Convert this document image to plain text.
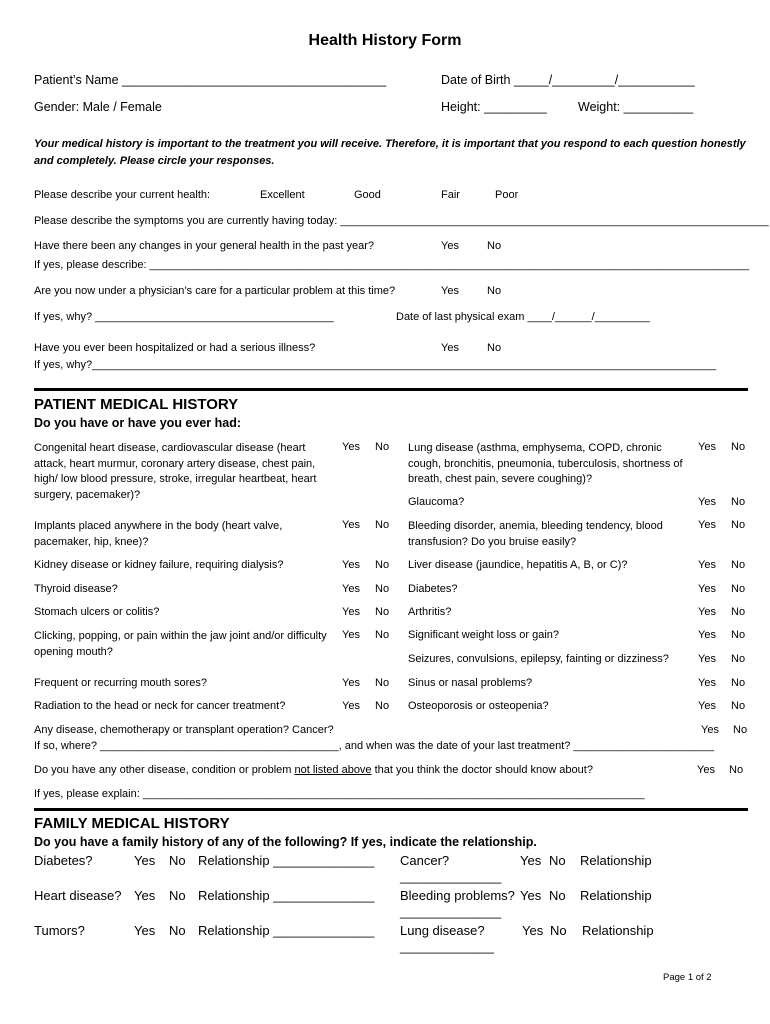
Health History Form
Patient’s Name ______________________________________	Date of Birth _____/_________/___________
Gender: Male / Female	Height: _________	Weight: __________
Your medical history is important to the treatment you will receive. Therefore, it is important that you respond to each question honestly and completely. Please circle your responses.
Please describe your current health:	Excellent	Good	Fair	Poor
Please describe the symptoms you are currently having today: ______________________________________________________________________
Have there been any changes in your general health in the past year?	Yes	No
If yes, please describe: __________________________________________________________________________________________________
Are you now under a physician’s care for a particular problem at this time?	Yes	No
If yes, why? _______________________________________	Date of last physical exam ____/______/_________
Have you ever been hospitalized or had a serious illness?	Yes	No
If yes, why?______________________________________________________________________________________________________
PATIENT MEDICAL HISTORY
Do you have or have you ever had:
Congenital heart disease, cardiovascular disease (heart attack, heart murmur, coronary artery disease, chest pain, high/ low blood pressure, stroke, irregular heartbeat, heart surgery, pacemaker)?
Yes No
Implants placed anywhere in the body (heart valve, pacemaker, hip, knee)?
Yes No
Kidney disease or kidney failure, requiring dialysis?	Yes No
Thyroid disease?	Yes No
Stomach ulcers or colitis?	Yes No
Clicking, popping, or pain within the jaw joint and/or difficulty opening mouth?
Yes No
Frequent or recurring mouth sores?	Yes No
Radiation to the head or neck for cancer treatment?	Yes No
Lung disease (asthma, emphysema, COPD, chronic cough, bronchitis, pneumonia, tuberculosis, shortness of breath, chest pain, severe coughing)?
Yes No
Glaucoma?	Yes No
Bleeding disorder, anemia, bleeding tendency, blood transfusion? Do you bruise easily?
Yes No
Liver disease (jaundice, hepatitis A, B, or C)?	Yes No
Diabetes?	Yes No
Arthritis?	Yes No
Significant weight loss or gain?	Yes No
Seizures, convulsions, epilepsy, fainting or dizziness?	Yes No
Sinus or nasal problems?	Yes No
Osteoporosis or osteopenia?	Yes No
Any disease, chemotherapy or transplant operation? Cancer?	Yes No
If so, where? _______________________________________, and when was the date of your last treatment? _______________________
Do you have any other disease, condition or problem not listed above that you think the doctor should know about?	Yes No
If yes, please explain: __________________________________________________________________________________
FAMILY MEDICAL HISTORY
Do you have a family history of any of the following? If yes, indicate the relationship.
Diabetes?	Yes No Relationship ______________ Cancer?	Yes No Relationship
______________
Heart disease? Yes No Relationship ______________ Bleeding problems? Yes No Relationship
______________
Tumors?	Yes No Relationship ______________ Lung disease?	Yes No Relationship
_____________
Page 1 of 2
